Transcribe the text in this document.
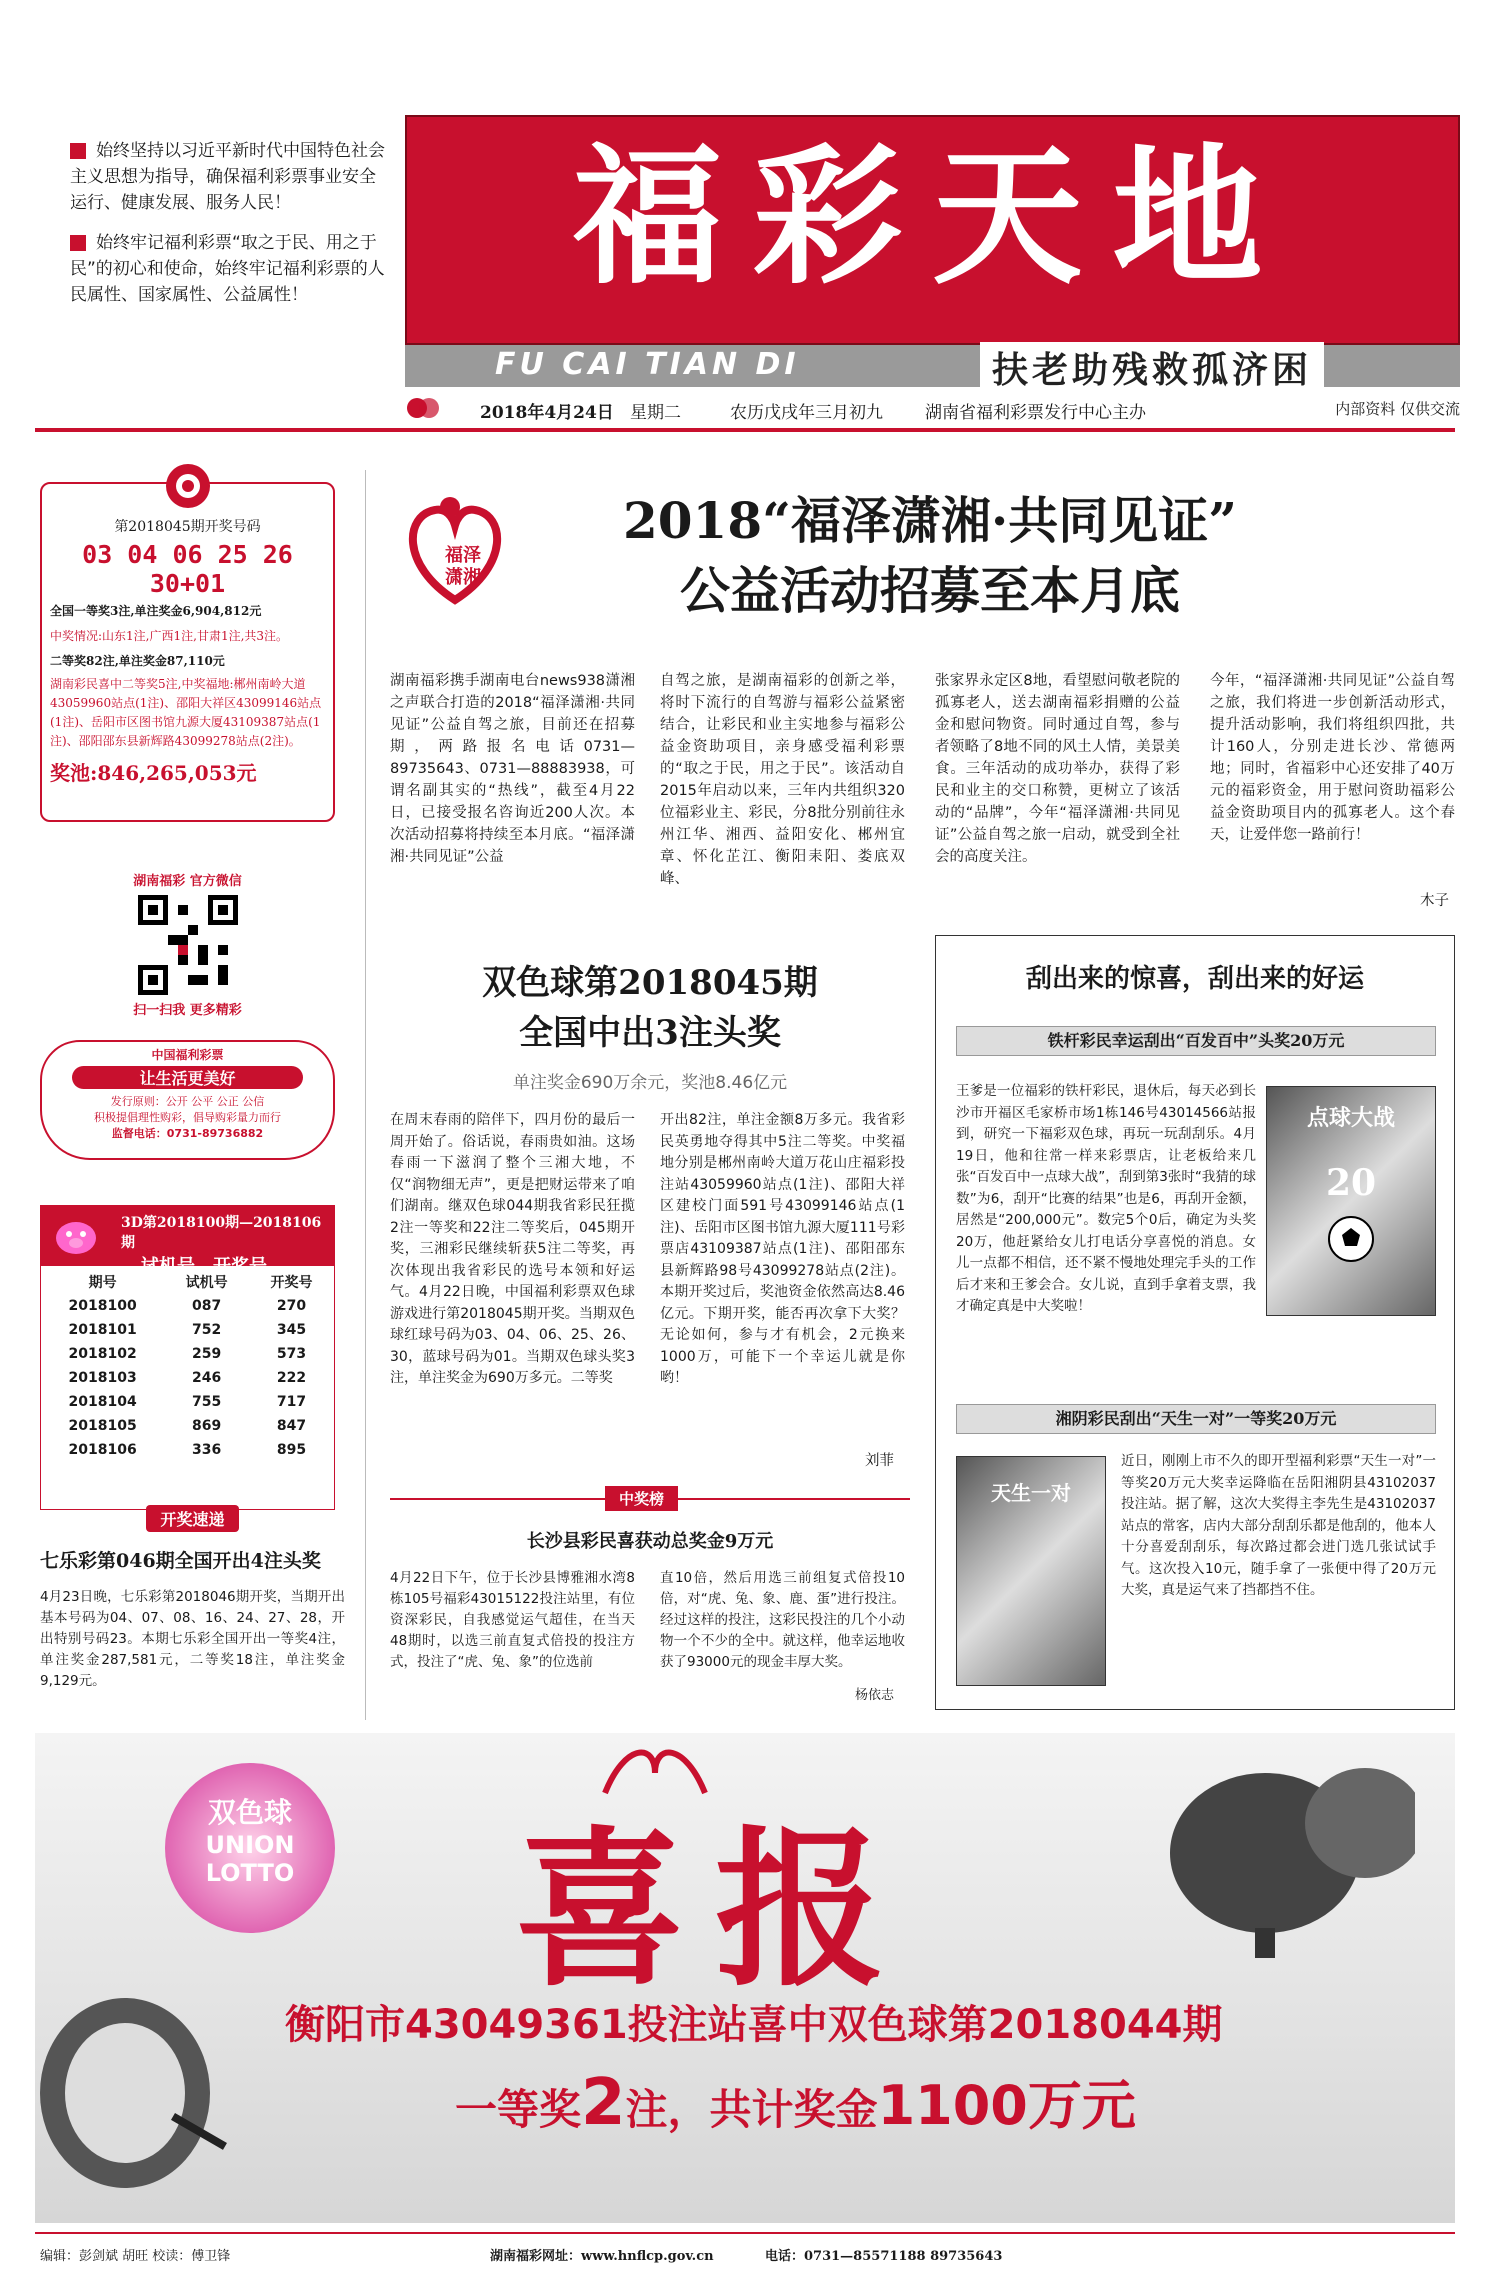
始终坚持以习近平新时代中国特色社会主义思想为指导，确保福利彩票事业安全运行、健康发展、服务人民！

始终牢记福利彩票“取之于民、用之于民”的初心和使命，始终牢记福利彩票的人民属性、国家属性、公益属性！	福彩天地
FU CAI TIAN DI	扶老助残救孤济困
2018年4月24日 星期二	农历戊戌年三月初九 湖南省福利彩票发行中心主办	内部资料 仅供交流
第2018045期开奖号码
03 04 06 25 26 30+01
全国一等奖3注,单注奖金6,904,812元
中奖情况:山东1注,广西1注,甘肃1注,共3注。
二等奖82注,单注奖金87,110元
湖南彩民喜中二等奖5注,中奖福地:郴州南岭大道43059960站点(1注)、邵阳大祥区43099146站点(1注)、岳阳市区图书馆九源大厦43109387站点(1注)、邵阳邵东县新辉路43099278站点(2注)。
奖池:846,265,053元
湖南福彩 官方微信
扫一扫我 更多精彩
中国福利彩票
让生活更美好
发行原则：公开 公平 公正 公信
积极提倡理性购彩，倡导购彩量力而行
监督电话：0731-89736882
3D第2018100期—2018106期
试机号、开奖号
期号	试机号	开奖号
2018100	087	270
2018101	752	345
2018102	259	573
2018103	246	222
2018104	755	717
2018105	869	847
2018106	336	895
开奖速递
七乐彩第046期全国开出4注头奖
4月23日晚，七乐彩第2018046期开奖，当期开出基本号码为04、07、08、16、24、27、28，开出特别号码23。本期七乐彩全国开出一等奖4注，单注奖金287,581元，二等奖18注，单注奖金9,129元。
福泽潇湘
2018“福泽潇湘·共同见证”
公益活动招募至本月底
湖南福彩携手湖南电台news938潇湘之声联合打造的2018“福泽潇湘·共同见证”公益自驾之旅，目前还在招募期，两路报名电话0731—89735643、0731—88883938，可谓名副其实的“热线”，截至4月22日，已接受报名咨询近200人次。本次活动招募将持续至本月底。“福泽潇湘·共同见证”公益
自驾之旅，是湖南福彩的创新之举，将时下流行的自驾游与福彩公益紧密结合，让彩民和业主实地参与福彩公益金资助项目，亲身感受福利彩票的“取之于民，用之于民”。该活动自2015年启动以来，三年内共组织320位福彩业主、彩民，分8批分别前往永州江华、湘西、益阳安化、郴州宜章、怀化芷江、衡阳耒阳、娄底双峰、
张家界永定区8地，看望慰问敬老院的孤寡老人，送去湖南福彩捐赠的公益金和慰问物资。同时通过自驾，参与者领略了8地不同的风土人情，美景美食。三年活动的成功举办，获得了彩民和业主的交口称赞，更树立了该活动的“品牌”，今年“福泽潇湘·共同见证”公益自驾之旅一启动，就受到全社会的高度关注。
今年，“福泽潇湘·共同见证”公益自驾之旅，我们将进一步创新活动形式，提升活动影响，我们将组织四批，共计160人，分别走进长沙、常德两地；同时，省福彩中心还安排了40万元的福彩资金，用于慰问资助福彩公益金资助项目内的孤寡老人。这个春天，让爱伴您一路前行！
木子
双色球第2018045期
全国中出3注头奖
单注奖金690万余元，奖池8.46亿元
在周末春雨的陪伴下，四月份的最后一周开始了。俗话说，春雨贵如油。这场春雨一下滋润了整个三湘大地，不仅“润物细无声”，更是把财运带来了咱们湖南。继双色球044期我省彩民狂揽2注一等奖和22注二等奖后，045期开奖，三湘彩民继续斩获5注二等奖，再次体现出我省彩民的选号本领和好运气。4月22日晚，中国福利彩票双色球游戏进行第2018045期开奖。当期双色球红球号码为03、04、06、25、26、30，蓝球号码为01。当期双色球头奖3注，单注奖金为690万多元。二等奖
开出82注，单注金额8万多元。我省彩民英勇地夺得其中5注二等奖。中奖福地分别是郴州南岭大道万花山庄福彩投注站43059960站点(1注)、邵阳大祥区建校门面591号43099146站点(1注)、岳阳市区图书馆九源大厦111号彩票店43109387站点(1注)、邵阳邵东县新辉路98号43099278站点(2注)。本期开奖过后，奖池资金依然高达8.46亿元。下期开奖，能否再次拿下大奖？无论如何，参与才有机会，2元换来1000万，可能下一个幸运儿就是你哟！
刘菲
中奖榜
长沙县彩民喜获动总奖金9万元
4月22日下午，位于长沙县博雅湘水湾8栋105号福彩43015122投注站里，有位资深彩民，自我感觉运气超佳，在当天48期时，以选三前直复式倍投的投注方式，投注了“虎、兔、象”的位选前
直10倍，然后用选三前组复式倍投10倍，对“虎、兔、象、鹿、蛋”进行投注。经过这样的投注，这彩民投注的几个小动物一个不少的全中。就这样，他幸运地收获了93000元的现金丰厚大奖。
杨依志
刮出来的惊喜，刮出来的好运
铁杆彩民幸运刮出“百发百中”头奖20万元
点球大战
20
王爹是一位福彩的铁杆彩民，退休后，每天必到长沙市开福区毛家桥市场1栋146号43014566站报到，研究一下福彩双色球，再玩一玩刮刮乐。4月19日，他和往常一样来彩票店，让老板给来几张“百发百中一点球大战”，刮到第3张时“我猜的球数”为6，刮开“比赛的结果”也是6，再刮开金额，居然是“200,000元”。数完5个0后，确定为头奖20万，他赶紧给女儿打电话分享喜悦的消息。女儿一点都不相信，还不紧不慢地处理完手头的工作后才来和王爹会合。女儿说，直到手拿着支票，我才确定真是中大奖啦！
湘阴彩民刮出“天生一对”一等奖20万元
天生一对
近日，刚刚上市不久的即开型福利彩票“天生一对”一等奖20万元大奖幸运降临在岳阳湘阴县43102037投注站。据了解，这次大奖得主李先生是43102037站点的常客，店内大部分刮刮乐都是他刮的，他本人十分喜爱刮刮乐，每次路过都会进门选几张试试手气。这次投入10元，随手拿了一张便中得了20万元大奖，真是运气来了挡都挡不住。
双色球
UNION
LOTTO 喜报
衡阳市43049361投注站喜中双色球第2018044期
一等奖2注，共计奖金1100万元
编辑：彭剑斌 胡旺 校读：傅卫锋	湖南福彩网址：www.hnflcp.gov.cn	电话：0731—85571188 89735643
